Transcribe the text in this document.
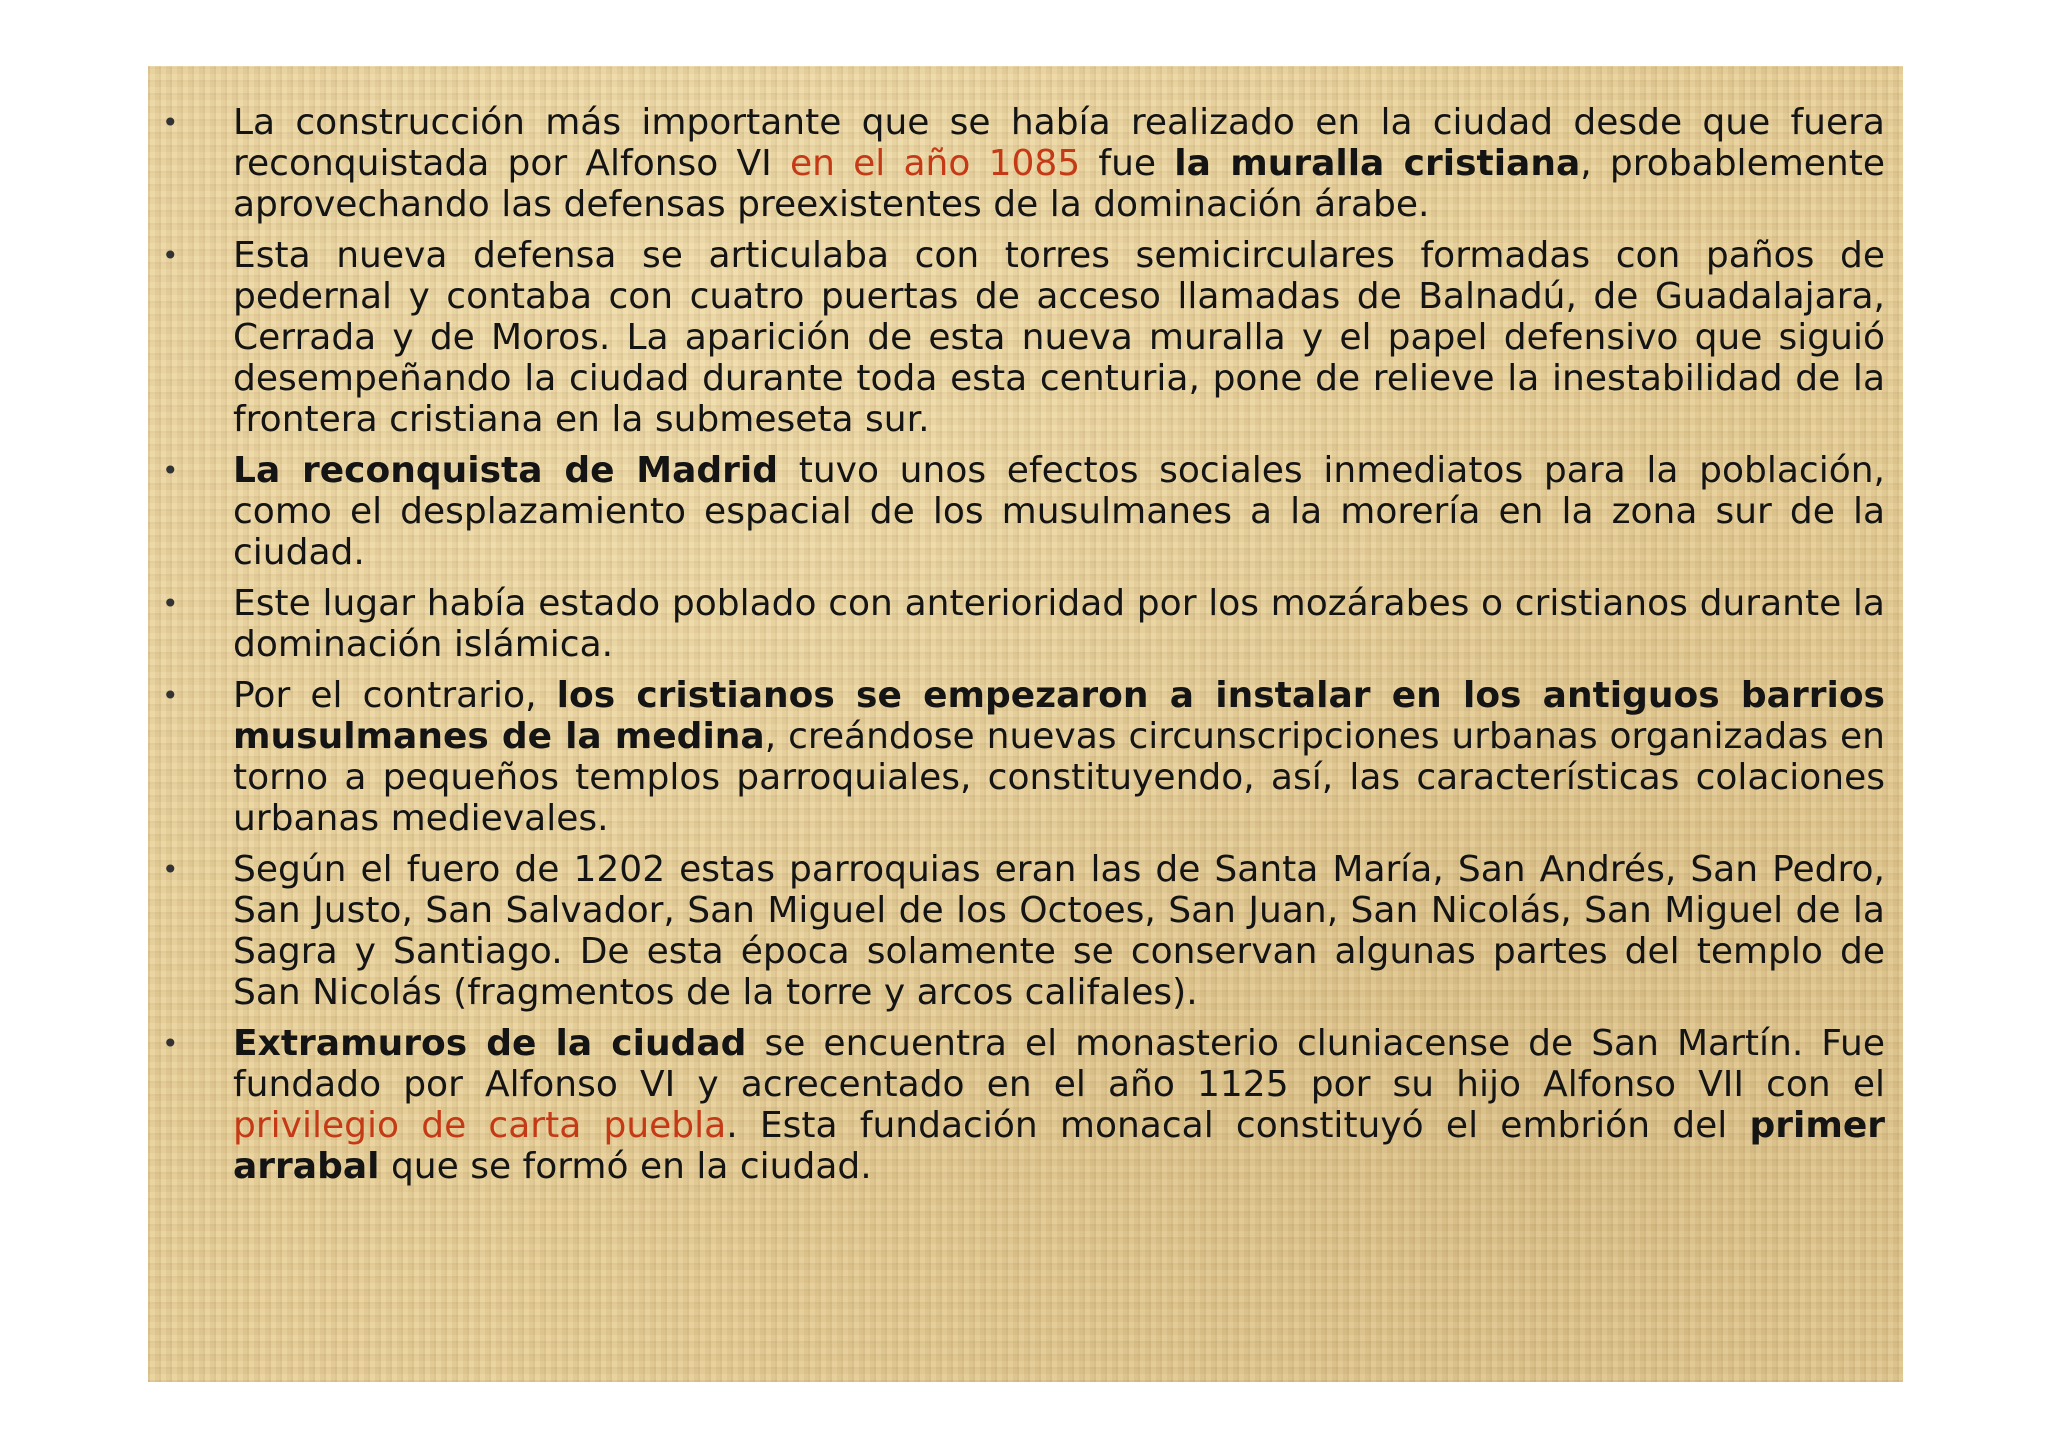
• La construcción más importante que se había realizado en la ciudad desde que fuera reconquistada por Alfonso VI en el año 1085 fue la muralla cristiana, probablemente aprovechando las defensas preexistentes de la dominación árabe.
• Esta nueva defensa se articulaba con torres semicirculares formadas con paños de pedernal y contaba con cuatro puertas de acceso llamadas de Balnadú, de Guadalajara, Cerrada y de Moros. La aparición de esta nueva muralla y el papel defensivo que siguió desempeñando la ciudad durante toda esta centuria, pone de relieve la inestabilidad de la frontera cristiana en la submeseta sur.
• La reconquista de Madrid tuvo unos efectos sociales inmediatos para la población, como el desplazamiento espacial de los musulmanes a la morería en la zona sur de la ciudad.
• Este lugar había estado poblado con anterioridad por los mozárabes o cristianos durante la dominación islámica.
• Por el contrario, los cristianos se empezaron a instalar en los antiguos barrios musulmanes de la medina, creándose nuevas circunscripciones urbanas organizadas en torno a pequeños templos parroquiales, constituyendo, así, las características colaciones urbanas medievales.
• Según el fuero de 1202 estas parroquias eran las de Santa María, San Andrés, San Pedro, San Justo, San Salvador, San Miguel de los Octoes, San Juan, San Nicolás, San Miguel de la Sagra y Santiago. De esta época solamente se conservan algunas partes del templo de San Nicolás (fragmentos de la torre y arcos califales).
• Extramuros de la ciudad se encuentra el monasterio cluniacense de San Martín. Fue fundado por Alfonso VI y acrecentado en el año 1125 por su hijo Alfonso VII con el privilegio de carta puebla. Esta fundación monacal constituyó el embrión del primer arrabal que se formó en la ciudad.
